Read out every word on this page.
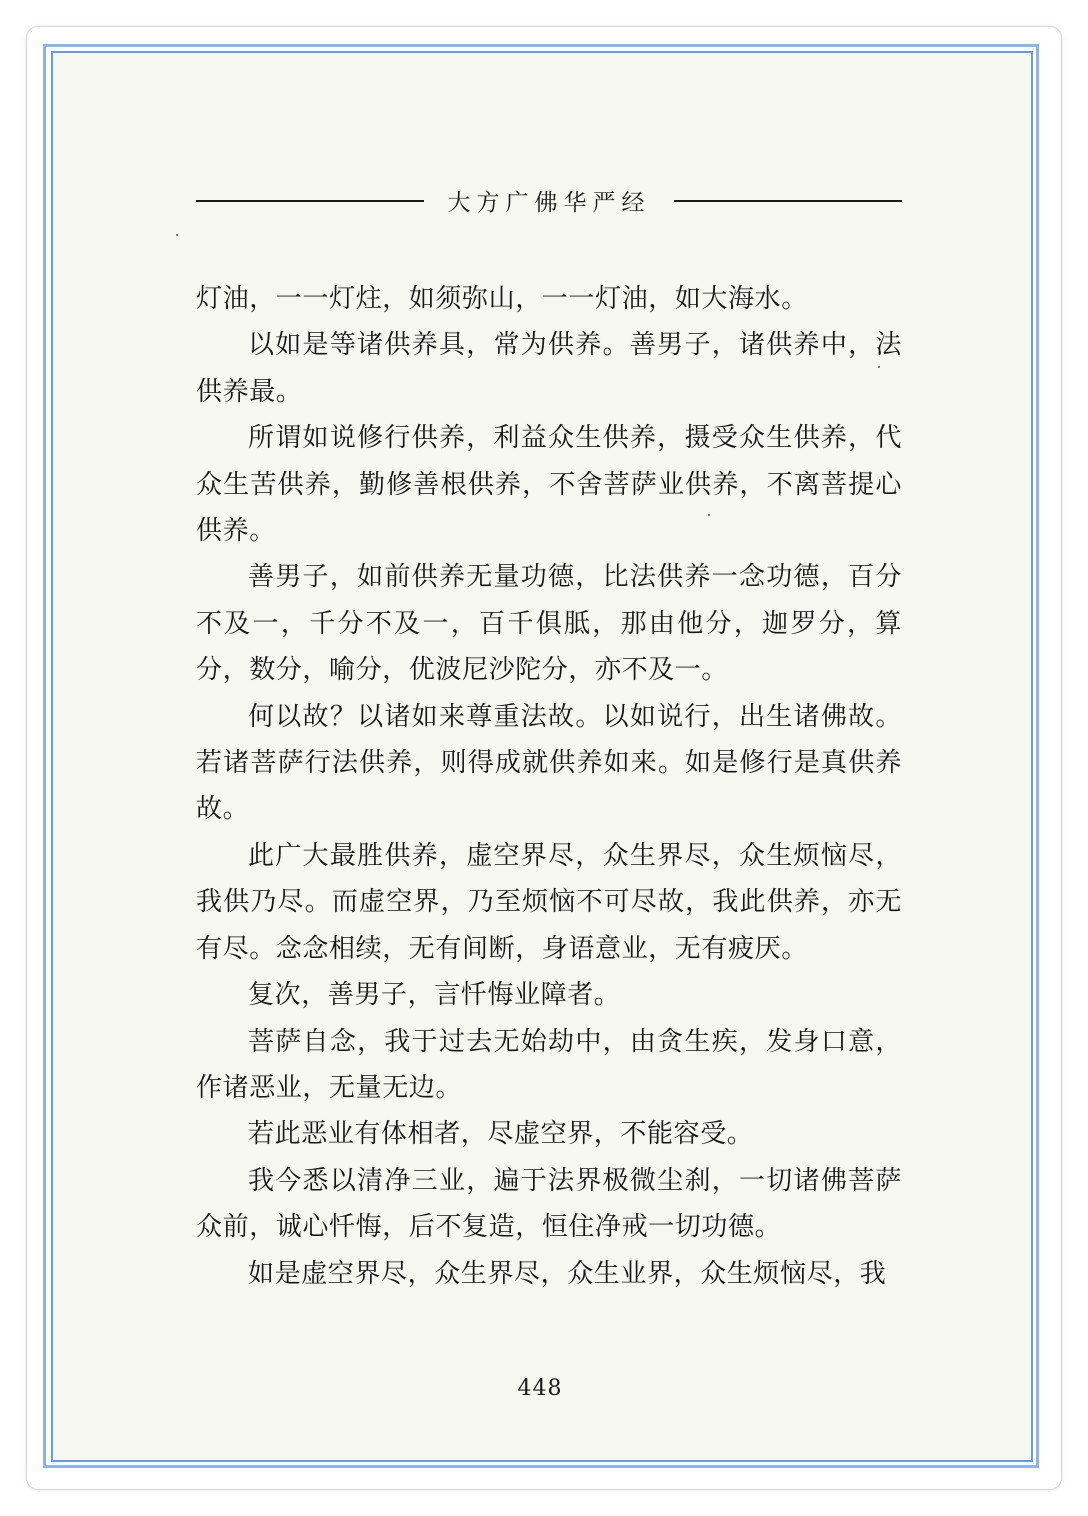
大方广佛华严经

灯油，一一灯炷，如须弥山，一一灯油，如大海水。

以如是等诸供养具，常为供养。善男子，诸供养中，法供养最。

所谓如说修行供养，利益众生供养，摄受众生供养，代众生苦供养，勤修善根供养，不舍菩萨业供养，不离菩提心供养。

善男子，如前供养无量功德，比法供养一念功德，百分不及一，千分不及一，百千俱胝，那由他分，迦罗分，算分，数分，喻分，优波尼沙陀分，亦不及一。

何以故？以诸如来尊重法故。以如说行，出生诸佛故。若诸菩萨行法供养，则得成就供养如来。如是修行是真供养故。

此广大最胜供养，虚空界尽，众生界尽，众生烦恼尽，我供乃尽。而虚空界，乃至烦恼不可尽故，我此供养，亦无有尽。念念相续，无有间断，身语意业，无有疲厌。

复次，善男子，言忏悔业障者。

菩萨自念，我于过去无始劫中，由贪生疾，发身口意，作诸恶业，无量无边。

若此恶业有体相者，尽虚空界，不能容受。

我今悉以清净三业，遍于法界极微尘刹，一切诸佛菩萨众前，诚心忏悔，后不复造，恒住净戒一切功德。

如是虚空界尽，众生界尽，众生业界，众生烦恼尽，我

448
